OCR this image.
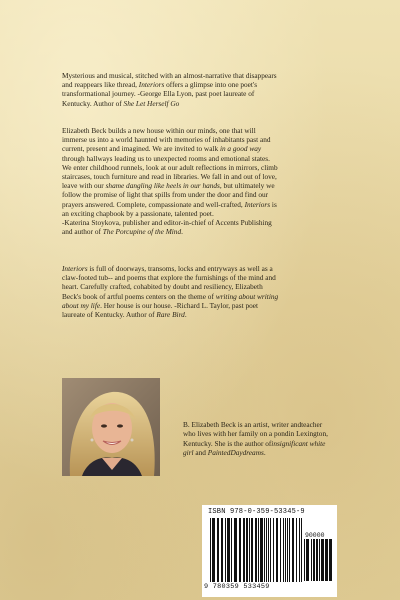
Mysterious and musical, stitched with an almost-narrative that disappears
and reappears like thread, Interiors offers a glimpse into one poet's
transformational journey. -George Ella Lyon, past poet laureate of
Kentucky. Author of She Let Herself Go
Elizabeth Beck builds a new house within our minds, one that will
immerse us into a world haunted with memories of inhabitants past and
current, present and imagined. We are invited to walk in a good way
through hallways leading us to unexpected rooms and emotional states.
We enter childhood runnels, look at our adult reflections in mirrors, climb
staircases, touch furniture and read in libraries. We fall in and out of love,
leave with our shame dangling like heels in our hands, but ultimately we
follow the promise of light that spills from under the door and find our
prayers answered. Complete, compassionate and well-crafted, Interiors is
an exciting chapbook by a passionate, talented poet.
-Katerina Stoykova, publisher and editor-in-chief of Accents Publishing
and author of The Porcupine of the Mind.
Interiors is full of doorways, transoms, locks and entryways as well as a
claw-footed tub-- and poems that explore the furnishings of the mind and
heart. Carefully crafted, cohabited by doubt and resiliency, Elizabeth
Beck's book of artful poems centers on the theme of writing about writing
about my life. Her house is our house. -Richard L. Taylor, past poet
laureate of Kentucky. Author of Rare Bird.
B. Elizabeth Beck is an artist, writer andteacher who lives with her family on a pondin Lexington, Kentucky. She is the author ofinsignificant white girl and PaintedDaydreams.
ISBN 978-0-359-53345-9
90000
9 780359 533459
